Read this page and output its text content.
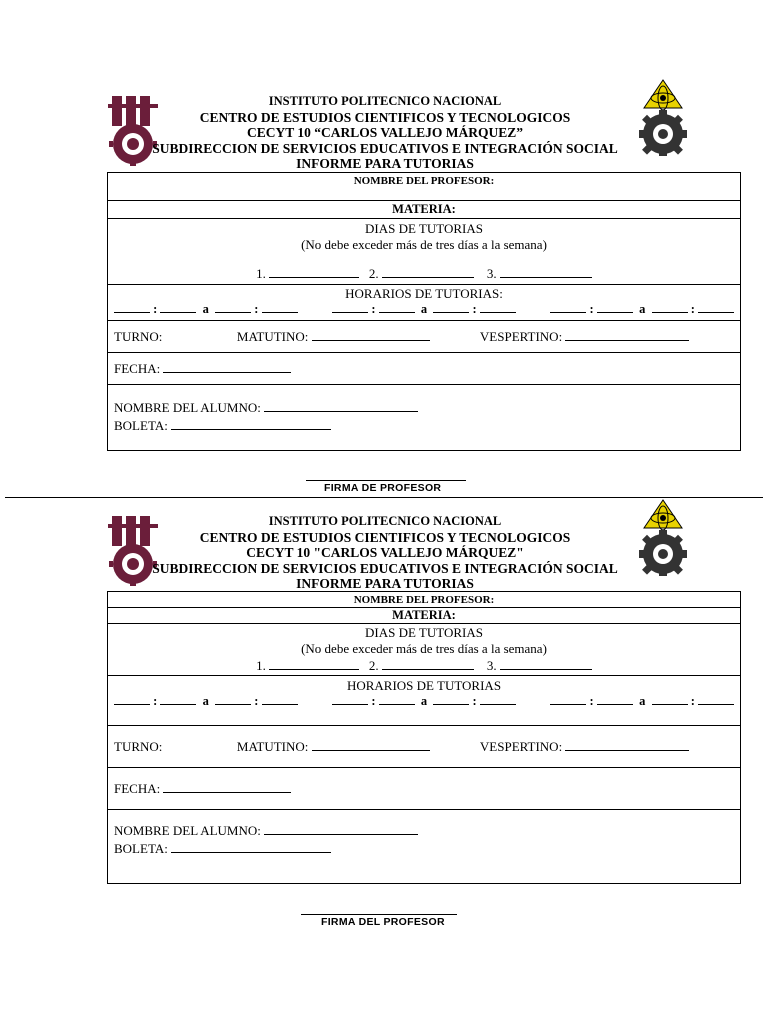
INSTITUTO POLITECNICO NACIONAL
CENTRO DE ESTUDIOS CIENTIFICOS Y TECNOLOGICOS
CECYT 10 “CARLOS VALLEJO MÁRQUEZ”
SUBDIRECCION DE SERVICIOS EDUCATIVOS E INTEGRACIÓN SOCIAL
INFORME PARA TUTORIAS
NOMBRE DEL PROFESOR:
MATERIA:

DIAS DE TUTORIAS
(No debe exceder más de tres días a la semana)
1.	2.	3.

HORARIOS DE TUTORIAS:
:	a	:	:	a	:	:	a	:

TURNO:	MATUTINO:	VESPERTINO:
FECHA:

NOMBRE DEL ALUMNO:
BOLETA:
FIRMA DE PROFESOR
INSTITUTO POLITECNICO NACIONAL
CENTRO DE ESTUDIOS CIENTIFICOS Y TECNOLOGICOS
CECYT 10 "CARLOS VALLEJO MÁRQUEZ"
SUBDIRECCION DE SERVICIOS EDUCATIVOS E INTEGRACIÓN SOCIAL
INFORME PARA TUTORIAS
NOMBRE DEL PROFESOR:
MATERIA:

DIAS DE TUTORIAS
(No debe exceder más de tres días a la semana)
1.	2.	3.

HORARIOS DE TUTORIAS
:	a	:	:	a	:	:	a	:

TURNO:	MATUTINO:	VESPERTINO:
FECHA:

NOMBRE DEL ALUMNO:
BOLETA:
FIRMA DEL PROFESOR
